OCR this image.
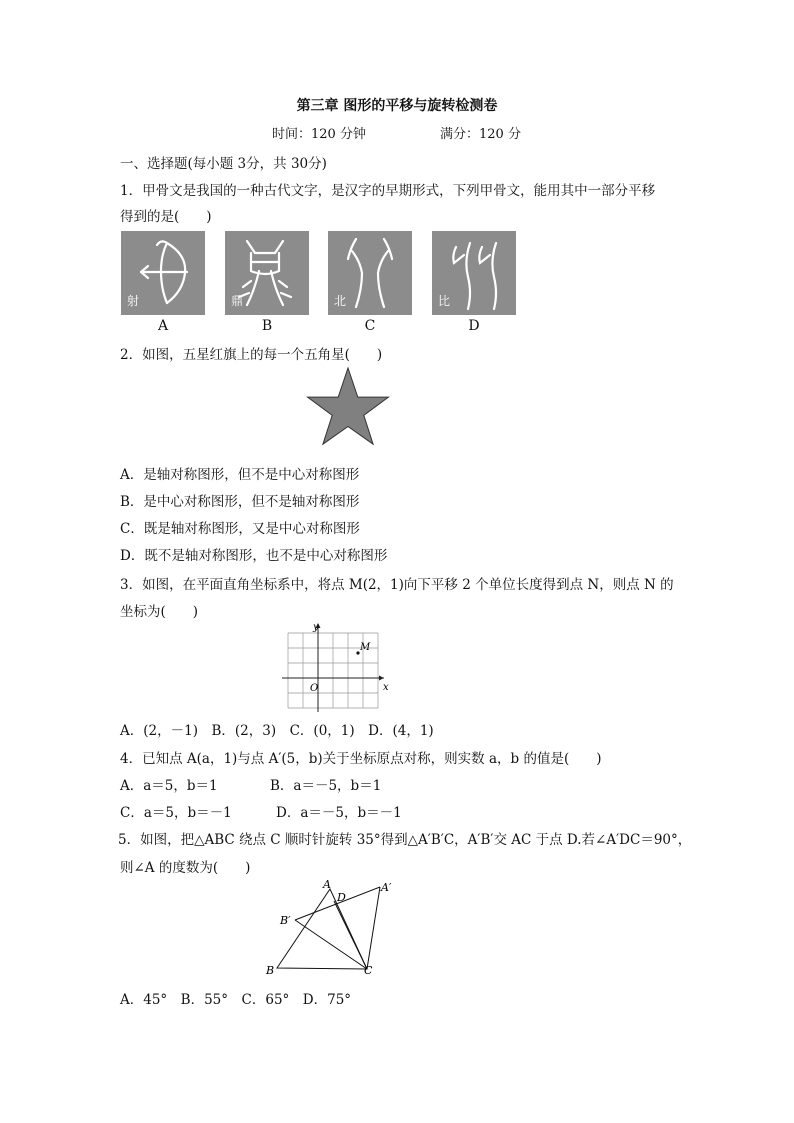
第三章 图形的平移与旋转检测卷
时间：120 分钟	满分：120 分
一、选择题(每小题 3分，共 30分)
1．甲骨文是我国的一种古代文字，是汉字的早期形式，下列甲骨文，能用其中一部分平移
得到的是(　　)
射
A
鼎
B
北
C
比
D
2．如图，五星红旗上的每一个五角星(　　)
A．是轴对称图形，但不是中心对称图形
B．是中心对称图形，但不是轴对称图形
C．既是轴对称图形，又是中心对称图形
D．既不是轴对称图形，也不是中心对称图形
3．如图，在平面直角坐标系中，将点 M(2，1)向下平移 2 个单位长度得到点 N，则点 N 的
坐标为(　　)
y
x
O
M
A．(2，－1)　B．(2，3)　C．(0，1)　D．(4，1)
4．已知点 A(a，1)与点 A′(5，b)关于坐标原点对称，则实数 a，b 的值是(　　)
A．a＝5，b＝1	B．a＝－5，b＝1
C．a＝5，b＝－1	D．a＝－5，b＝－1
5．如图，把△ABC 绕点 C 顺时针旋转 35°得到△A′B′C，A′B′交 AC 于点 D.若∠A′DC＝90°，
则∠A 的度数为(　　)
A
D
A′
B′
B	C
A．45°　B．55°　C．65°　D．75°
